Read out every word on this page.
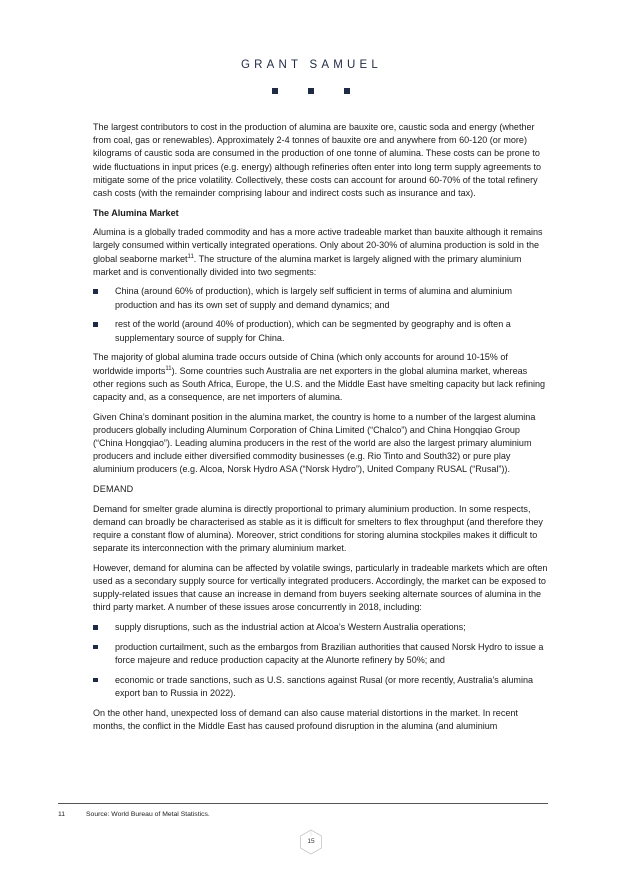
GRANT SAMUEL

The largest contributors to cost in the production of alumina are bauxite ore, caustic soda and energy (whether from coal, gas or renewables). Approximately 2-4 tonnes of bauxite ore and anywhere from 60-120 (or more) kilograms of caustic soda are consumed in the production of one tonne of alumina. These costs can be prone to wide fluctuations in input prices (e.g. energy) although refineries often enter into long term supply agreements to mitigate some of the price volatility. Collectively, these costs can account for around 60-70% of the total refinery cash costs (with the remainder comprising labour and indirect costs such as insurance and tax).

The Alumina Market

Alumina is a globally traded commodity and has a more active tradeable market than bauxite although it remains largely consumed within vertically integrated operations. Only about 20-30% of alumina production is sold in the global seaborne market$^{11}$. The structure of the alumina market is largely aligned with the primary aluminium market and is conventionally divided into two segments:

China (around 60% of production), which is largely self sufficient in terms of alumina and aluminium production and has its own set of supply and demand dynamics; and
rest of the world (around 40% of production), which can be segmented by geography and is often a supplementary source of supply for China.

The majority of global alumina trade occurs outside of China (which only accounts for around 10-15% of worldwide imports$^{11}$). Some countries such Australia are net exporters in the global alumina market, whereas other regions such as South Africa, Europe, the U.S. and the Middle East have smelting capacity but lack refining capacity and, as a consequence, are net importers of alumina.

Given China’s dominant position in the alumina market, the country is home to a number of the largest alumina producers globally including Aluminum Corporation of China Limited (“Chalco”) and China Hongqiao Group (“China Hongqiao”). Leading alumina producers in the rest of the world are also the largest primary aluminium producers and include either diversified commodity businesses (e.g. Rio Tinto and South32) or pure play aluminium producers (e.g. Alcoa, Norsk Hydro ASA (“Norsk Hydro”), United Company RUSAL (“Rusal”)).

DEMAND

Demand for smelter grade alumina is directly proportional to primary aluminium production. In some respects, demand can broadly be characterised as stable as it is difficult for smelters to flex throughput (and therefore they require a constant flow of alumina). Moreover, strict conditions for storing alumina stockpiles makes it difficult to separate its interconnection with the primary aluminium market.

However, demand for alumina can be affected by volatile swings, particularly in tradeable markets which are often used as a secondary supply source for vertically integrated producers. Accordingly, the market can be exposed to supply-related issues that cause an increase in demand from buyers seeking alternate sources of alumina in the third party market. A number of these issues arose concurrently in 2018, including:

supply disruptions, such as the industrial action at Alcoa’s Western Australia operations;
production curtailment, such as the embargos from Brazilian authorities that caused Norsk Hydro to issue a force majeure and reduce production capacity at the Alunorte refinery by 50%; and
economic or trade sanctions, such as U.S. sanctions against Rusal (or more recently, Australia’s alumina export ban to Russia in 2022).

On the other hand, unexpected loss of demand can also cause material distortions in the market. In recent months, the conflict in the Middle East has caused profound disruption in the alumina (and aluminium

11	Source: World Bureau of Metal Statistics.
15
